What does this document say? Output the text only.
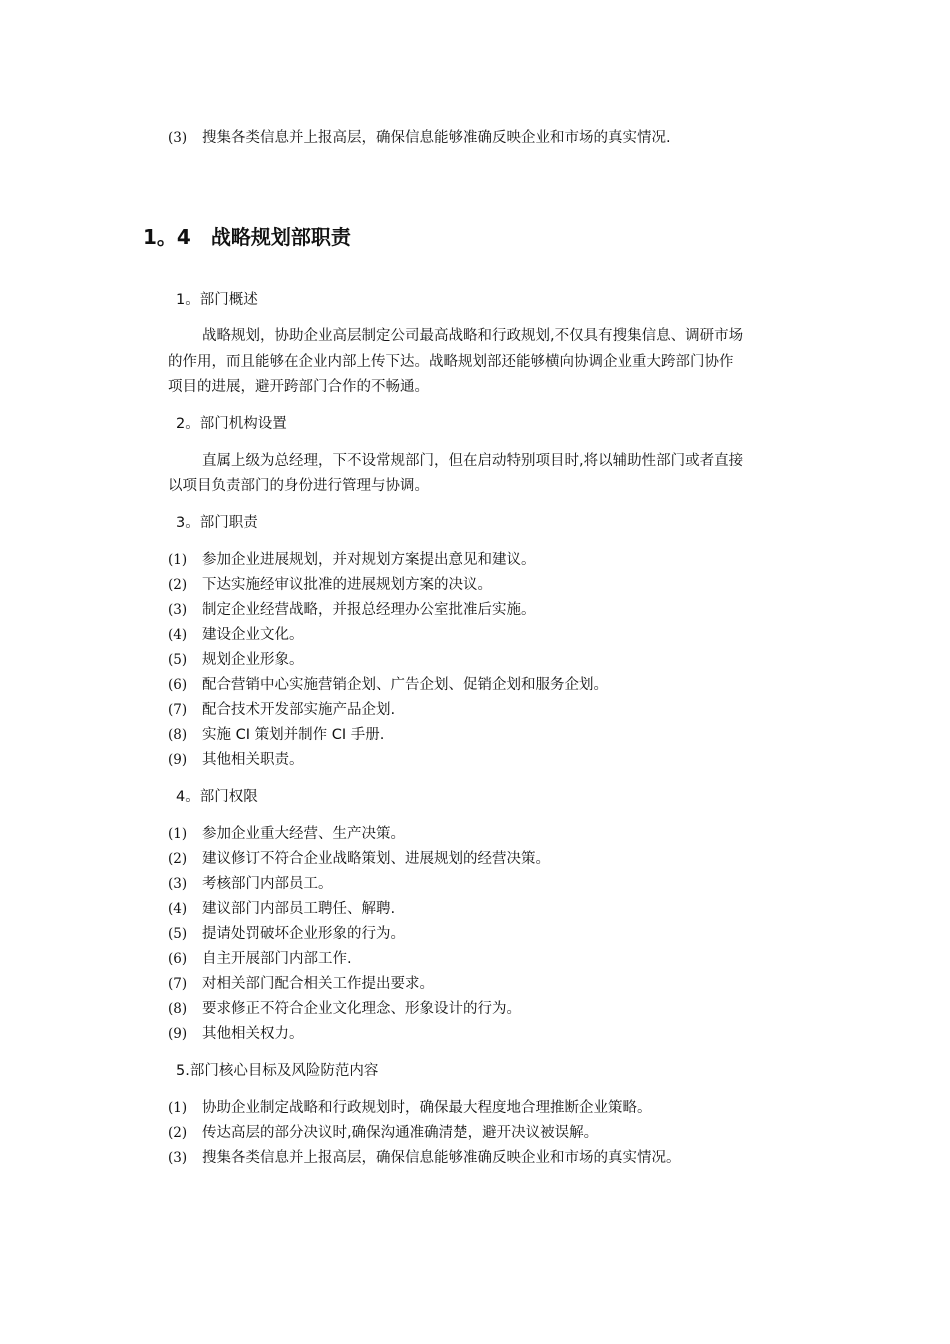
(3) 搜集各类信息并上报高层，确保信息能够准确反映企业和市场的真实情况.
1。4　战略规划部职责
1。部门概述
战略规划，协助企业高层制定公司最高战略和行政规划,不仅具有搜集信息、调研市场
的作用，而且能够在企业内部上传下达。战略规划部还能够横向协调企业重大跨部门协作
项目的进展，避开跨部门合作的不畅通。
2。部门机构设置
直属上级为总经理，下不设常规部门，但在启动特别项目时,将以辅助性部门或者直接
以项目负责部门的身份进行管理与协调。
3。部门职责
(1) 参加企业进展规划，并对规划方案提出意见和建议。
(2) 下达实施经审议批准的进展规划方案的决议。
(3) 制定企业经营战略，并报总经理办公室批准后实施。
(4) 建设企业文化。
(5) 规划企业形象。
(6) 配合营销中心实施营销企划、广告企划、促销企划和服务企划。
(7) 配合技术开发部实施产品企划.
(8) 实施 CI 策划并制作 CI 手册.
(9) 其他相关职责。
4。部门权限
(1) 参加企业重大经营、生产决策。
(2) 建议修订不符合企业战略策划、进展规划的经营决策。
(3) 考核部门内部员工。
(4) 建议部门内部员工聘任、解聘.
(5) 提请处罚破坏企业形象的行为。
(6) 自主开展部门内部工作.
(7) 对相关部门配合相关工作提出要求。
(8) 要求修正不符合企业文化理念、形象设计的行为。
(9) 其他相关权力。
5.部门核心目标及风险防范内容
(1) 协助企业制定战略和行政规划时，确保最大程度地合理推断企业策略。
(2) 传达高层的部分决议时,确保沟通准确清楚，避开决议被误解。
(3) 搜集各类信息并上报高层，确保信息能够准确反映企业和市场的真实情况。
